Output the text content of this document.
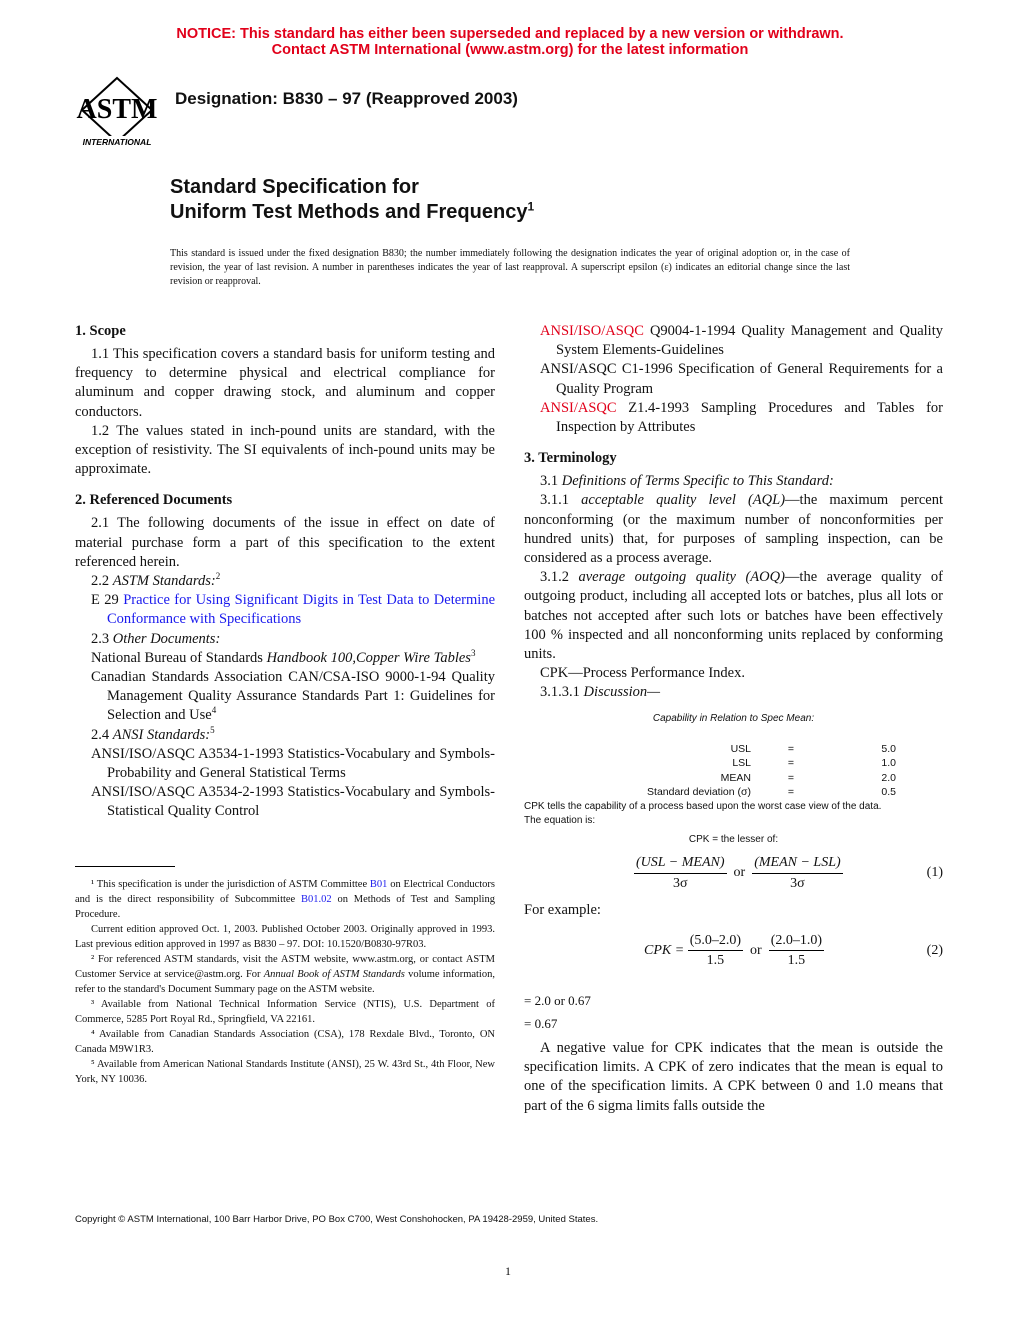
NOTICE: This standard has either been superseded and replaced by a new version or withdrawn.
Contact ASTM International (www.astm.org) for the latest information
ASTM
INTERNATIONAL
Designation: B830 – 97 (Reapproved 2003)
Standard Specification for
Uniform Test Methods and Frequency$^1$
This standard is issued under the fixed designation B830; the number immediately following the designation indicates the year of original adoption or, in the case of revision, the year of last revision. A number in parentheses indicates the year of last reapproval. A superscript epsilon (ε) indicates an editorial change since the last revision or reapproval.
1. Scope

1.1 This specification covers a standard basis for uniform testing and frequency to determine physical and electrical compliance for aluminum and copper drawing stock, and aluminum and copper conductors.

1.2 The values stated in inch-pound units are standard, with the exception of resistivity. The SI equivalents of inch-pound units may be approximate.

2. Referenced Documents

2.1 The following documents of the issue in effect on date of material purchase form a part of this specification to the extent referenced herein.

2.2 ASTM Standards:$^2$

E 29 Practice for Using Significant Digits in Test Data to Determine Conformance with Specifications

2.3 Other Documents:

National Bureau of Standards Handbook 100,Copper Wire Tables$^3$

Canadian Standards Association CAN/CSA-ISO 9000-1-94 Quality Management Quality Assurance Standards Part 1: Guidelines for Selection and Use$^4$

2.4 ANSI Standards:$^5$

ANSI/ISO/ASQC A3534-1-1993 Statistics-Vocabulary and Symbols-Probability and General Statistical Terms

ANSI/ISO/ASQC A3534-2-1993 Statistics-Vocabulary and Symbols-Statistical Quality Control

¹ This specification is under the jurisdiction of ASTM Committee B01 on Electrical Conductors and is the direct responsibility of Subcommittee B01.02 on Methods of Test and Sampling Procedure.

Current edition approved Oct. 1, 2003. Published October 2003. Originally approved in 1993. Last previous edition approved in 1997 as B830 – 97. DOI: 10.1520/B0830-97R03.

² For referenced ASTM standards, visit the ASTM website, www.astm.org, or contact ASTM Customer Service at service@astm.org. For Annual Book of ASTM Standards volume information, refer to the standard's Document Summary page on the ASTM website.

³ Available from National Technical Information Service (NTIS), U.S. Department of Commerce, 5285 Port Royal Rd., Springfield, VA 22161.

⁴ Available from Canadian Standards Association (CSA), 178 Rexdale Blvd., Toronto, ON Canada M9W1R3.

⁵ Available from American National Standards Institute (ANSI), 25 W. 43rd St., 4th Floor, New York, NY 10036.

ANSI/ISO/ASQC Q9004-1-1994 Quality Management and Quality System Elements-Guidelines

ANSI/ASQC C1-1996 Specification of General Requirements for a Quality Program

ANSI/ASQC Z1.4-1993 Sampling Procedures and Tables for Inspection by Attributes

3. Terminology

3.1 Definitions of Terms Specific to This Standard:

3.1.1 acceptable quality level (AQL)—the maximum percent nonconforming (or the maximum number of nonconformities per hundred units) that, for purposes of sampling inspection, can be considered as a process average.

3.1.2 average outgoing quality (AOQ)—the average quality of outgoing product, including all accepted lots or batches, plus all lots or batches not accepted after such lots or batches have been effectively 100 % inspected and all nonconforming units replaced by conforming units.

CPK—Process Performance Index.

3.1.3.1 Discussion—

Capability in Relation to Spec Mean:
USL	=	5.0
LSL	=	1.0
MEAN	=	2.0
Standard deviation (σ)	=	0.5
CPK tells the capability of a process based upon the worst case view of the data.
The equation is:
CPK = the lesser of:
$\frac{\text{(USL − MEAN)}}{3\sigma}$ or $\frac{\text{(MEAN − LSL)}}{3\sigma}$	(1)

For example:

CPK = $\frac{(5.0-2.0)}{1.5}$ or $\frac{(2.0-1.0)}{1.5}$	(2)

= 2.0 or 0.67

= 0.67

A negative value for CPK indicates that the mean is outside the specification limits. A CPK of zero indicates that the mean is equal to one of the specification limits. A CPK between 0 and 1.0 means that part of the 6 sigma limits falls outside the

Copyright © ASTM International, 100 Barr Harbor Drive, PO Box C700, West Conshohocken, PA 19428-2959, United States.
1
